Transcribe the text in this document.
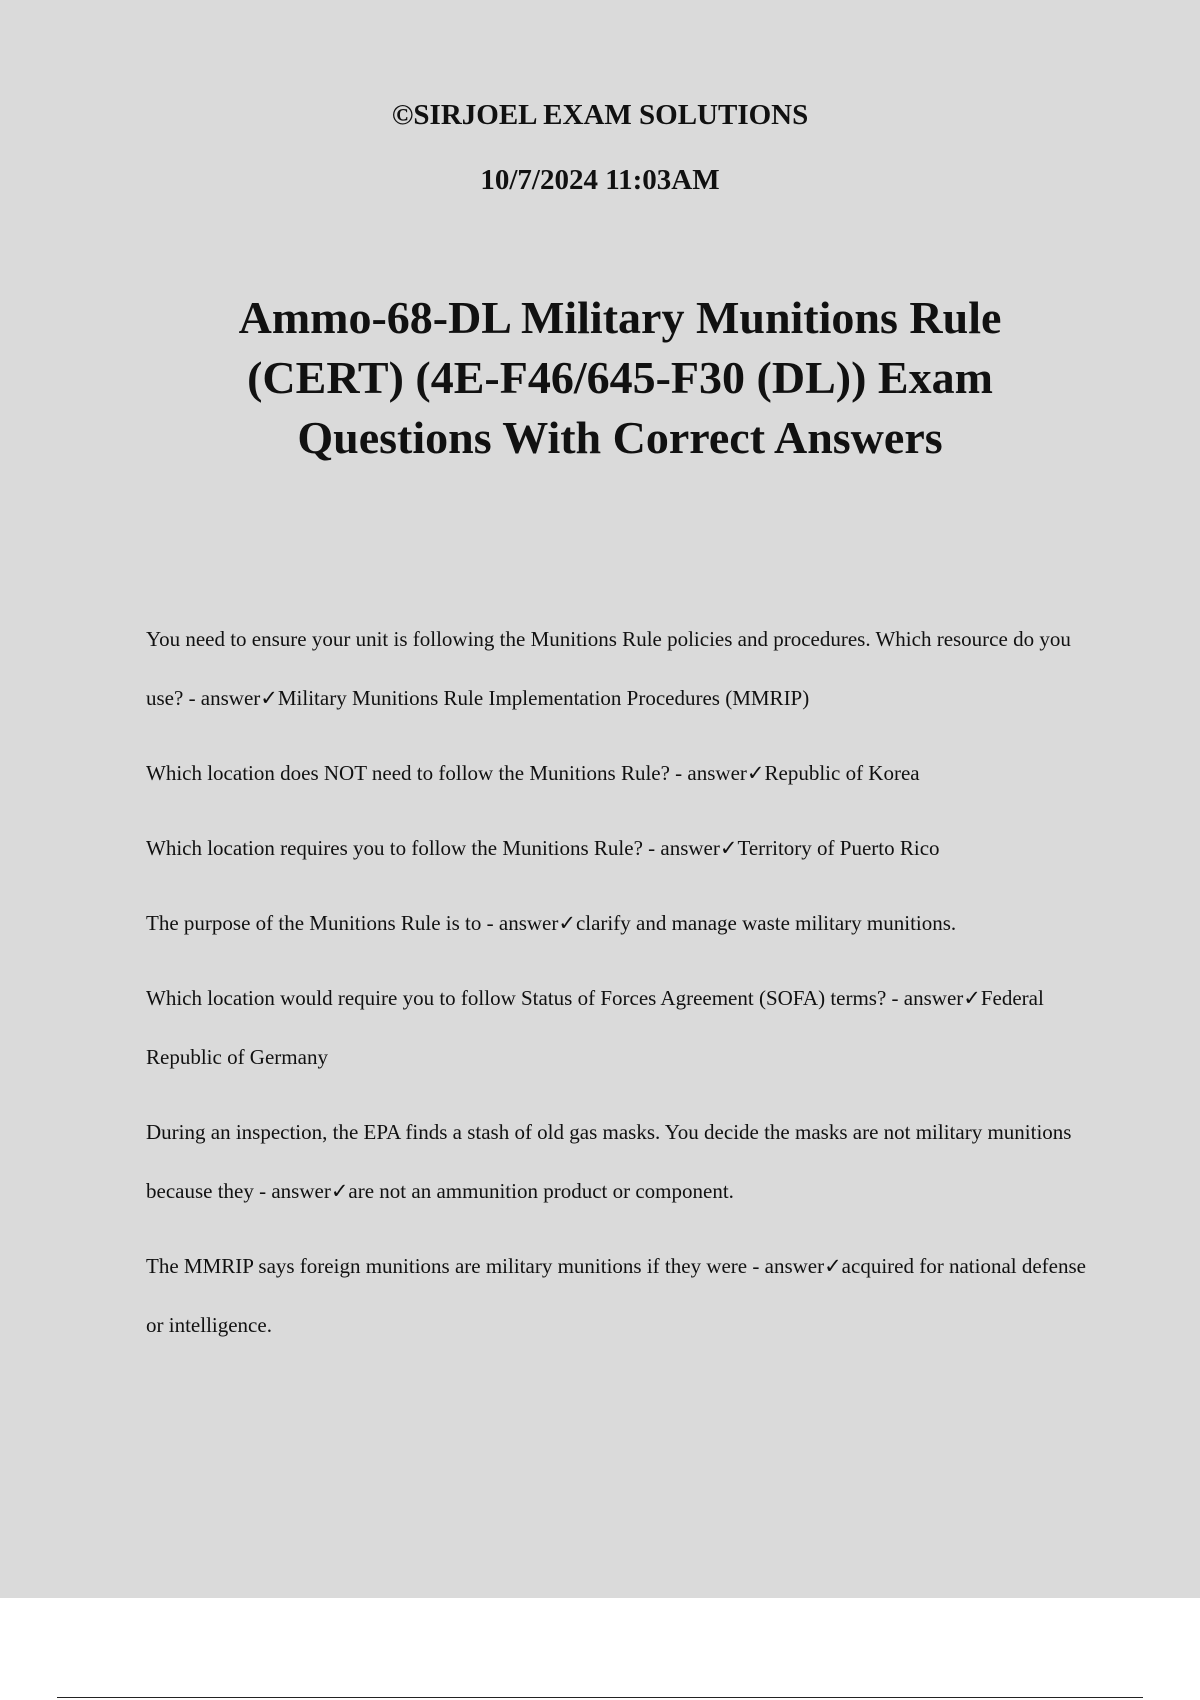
©SIRJOEL EXAM SOLUTIONS

10/7/2024 11:03AM

Ammo-68-DL Military Munitions Rule (CERT) (4E-F46/645-F30 (DL)) Exam Questions With Correct Answers
You need to ensure your unit is following the Munitions Rule policies and procedures. Which resource do you use? - answer✓Military Munitions Rule Implementation Procedures (MMRIP)
Which location does NOT need to follow the Munitions Rule? - answer✓Republic of Korea
Which location requires you to follow the Munitions Rule? - answer✓Territory of Puerto Rico
The purpose of the Munitions Rule is to - answer✓clarify and manage waste military munitions.
Which location would require you to follow Status of Forces Agreement (SOFA) terms? - answer✓Federal Republic of Germany
During an inspection, the EPA finds a stash of old gas masks. You decide the masks are not military munitions because they - answer✓are not an ammunition product or component.
The MMRIP says foreign munitions are military munitions if they were - answer✓acquired for national defense or intelligence.
